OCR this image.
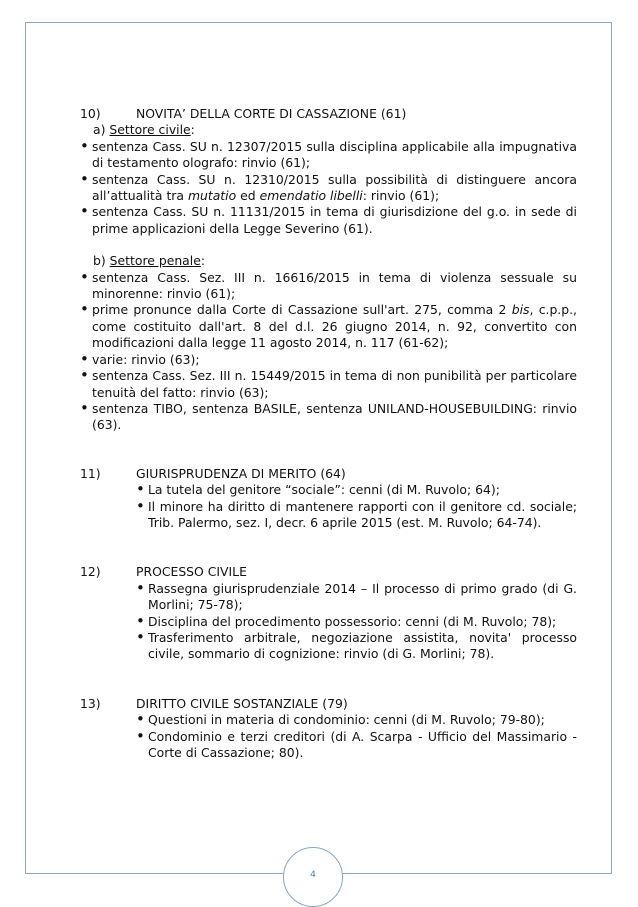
10)	NOVITA’ DELLA CORTE DI CASSAZIONE (61)
a) Settore civile:
• sentenza Cass. SU n. 12307/2015 sulla disciplina applicabile alla impugnativa di testamento olografo: rinvio (61);
• sentenza Cass. SU n. 12310/2015 sulla possibilità di distinguere ancora all’attualità tra mutatio ed emendatio libelli: rinvio (61);
• sentenza Cass. SU n. 11131/2015 in tema di giurisdizione del g.o. in sede di prime applicazioni della Legge Severino (61).
b) Settore penale:
• sentenza Cass. Sez. III n. 16616/2015 in tema di violenza sessuale su minorenne: rinvio (61);
• prime pronunce dalla Corte di Cassazione sull'art. 275, comma 2 bis, c.p.p., come costituito dall'art. 8 del d.l. 26 giugno 2014, n. 92, convertito con modificazioni dalla legge 11 agosto 2014, n. 117 (61-62);
• varie: rinvio (63);
• sentenza Cass. Sez. III n. 15449/2015 in tema di non punibilità per particolare tenuità del fatto: rinvio (63);
• sentenza TIBO, sentenza BASILE, sentenza UNILAND-HOUSEBUILDING: rinvio (63).
11)	GIURISPRUDENZA DI MERITO (64)
• La tutela del genitore “sociale”: cenni (di M. Ruvolo; 64);
• Il minore ha diritto di mantenere rapporti con il genitore cd. sociale; Trib. Palermo, sez. I, decr. 6 aprile 2015 (est. M. Ruvolo; 64-74).
12)	PROCESSO CIVILE
• Rassegna giurisprudenziale 2014 – Il processo di primo grado (di G. Morlini; 75-78);
• Disciplina del procedimento possessorio: cenni (di M. Ruvolo; 78);
• Trasferimento arbitrale, negoziazione assistita, novita' processo civile, sommario di cognizione: rinvio (di G. Morlini; 78).
13)	DIRITTO CIVILE SOSTANZIALE (79)
• Questioni in materia di condominio: cenni (di M. Ruvolo; 79-80);
• Condominio e terzi creditori (di A. Scarpa - Ufficio del Massimario - Corte di Cassazione; 80).
4
